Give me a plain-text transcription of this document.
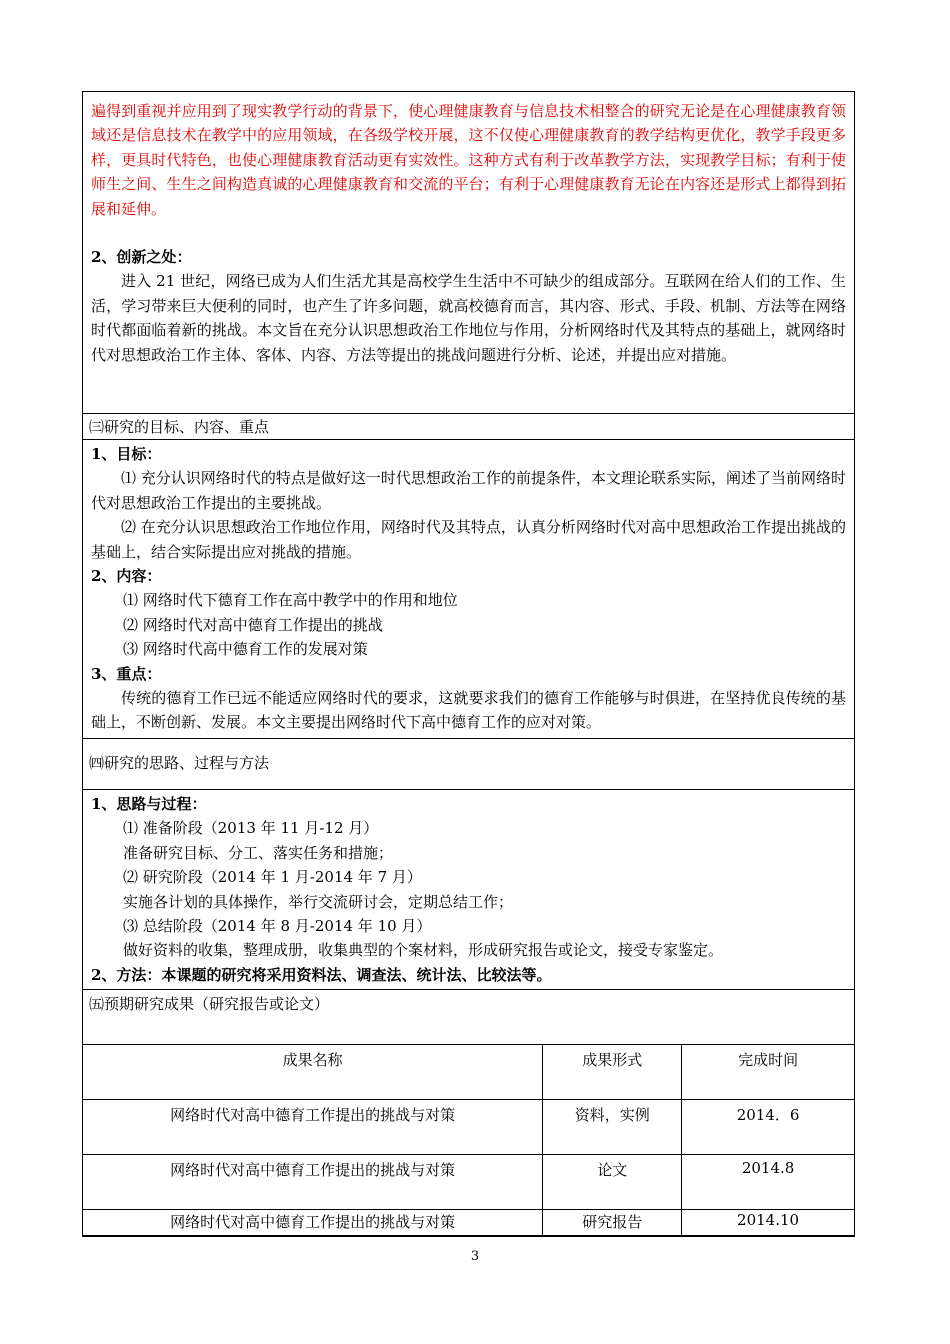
遍得到重视并应用到了现实教学行动的背景下，使心理健康教育与信息技术相整合的研究无论是在心理健康教育领域还是信息技术在教学中的应用领域，在各级学校开展，这不仅使心理健康教育的教学结构更优化，教学手段更多样，更具时代特色，也使心理健康教育活动更有实效性。这种方式有利于改革教学方法，实现教学目标；有利于使师生之间、生生之间构造真诚的心理健康教育和交流的平台；有利于心理健康教育无论在内容还是形式上都得到拓展和延伸。

2、创新之处：

进入 21 世纪，网络已成为人们生活尤其是高校学生生活中不可缺少的组成部分。互联网在给人们的工作、生活，学习带来巨大便利的同时，也产生了许多问题，就高校德育而言，其内容、形式、手段、机制、方法等在网络时代都面临着新的挑战。本文旨在充分认识思想政治工作地位与作用，分析网络时代及其特点的基础上，就网络时代对思想政治工作主体、客体、内容、方法等提出的挑战问题进行分析、论述，并提出应对措施。

㈢研究的目标、内容、重点

1、目标：

⑴ 充分认识网络时代的特点是做好这一时代思想政治工作的前提条件，本文理论联系实际，阐述了当前网络时代对思想政治工作提出的主要挑战。

⑵ 在充分认识思想政治工作地位作用，网络时代及其特点，认真分析网络时代对高中思想政治工作提出挑战的基础上，结合实际提出应对挑战的措施。

2、内容：

⑴ 网络时代下德育工作在高中教学中的作用和地位

⑵ 网络时代对高中德育工作提出的挑战

⑶ 网络时代高中德育工作的发展对策

3、重点：

传统的德育工作已远不能适应网络时代的要求，这就要求我们的德育工作能够与时俱进，在坚持优良传统的基础上，不断创新、发展。本文主要提出网络时代下高中德育工作的应对对策。

㈣研究的思路、过程与方法

1、思路与过程：

⑴ 准备阶段（2013 年 11 月-12 月）

准备研究目标、分工、落实任务和措施；

⑵ 研究阶段（2014 年 1 月-2014 年 7 月）

实施各计划的具体操作，举行交流研讨会，定期总结工作；

⑶ 总结阶段（2014 年 8 月-2014 年 10 月）

做好资料的收集，整理成册，收集典型的个案材料，形成研究报告或论文，接受专家鉴定。

2、方法：本课题的研究将采用资料法、调查法、统计法、比较法等。

㈤预期研究成果（研究报告或论文）

成果名称	成果形式	完成时间
网络时代对高中德育工作提出的挑战与对策	资料，实例	2014．6
网络时代对高中德育工作提出的挑战与对策	论文	2014.8
网络时代对高中德育工作提出的挑战与对策	研究报告	2014.10
3
